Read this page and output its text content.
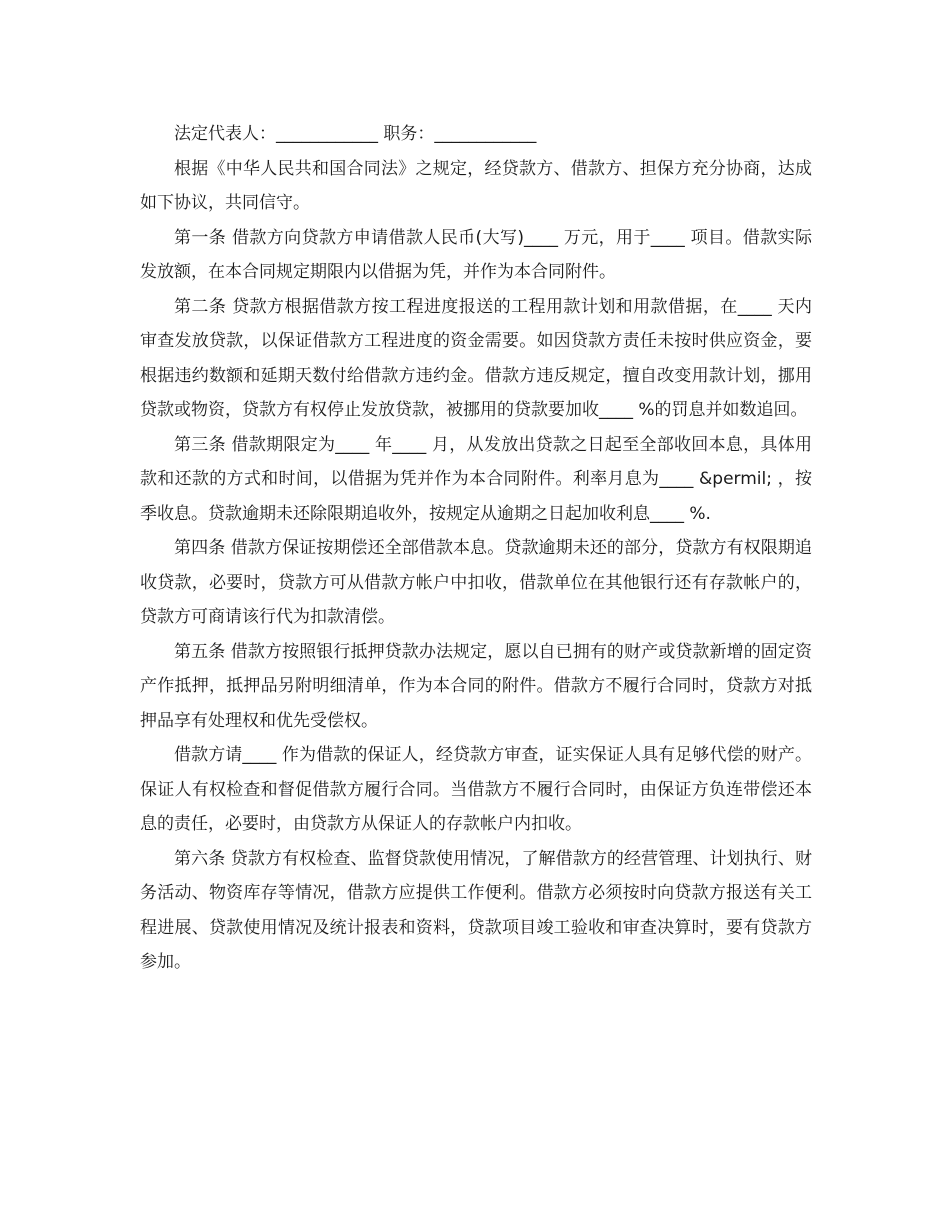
法定代表人：____________ 职务：____________

根据《中华人民共和国合同法》之规定，经贷款方、借款方、担保方充分协商，达成如下协议，共同信守。

第一条 借款方向贷款方申请借款人民币(大写)____ 万元，用于____ 项目。借款实际发放额，在本合同规定期限内以借据为凭，并作为本合同附件。

第二条 贷款方根据借款方按工程进度报送的工程用款计划和用款借据，在____ 天内审查发放贷款，以保证借款方工程进度的资金需要。如因贷款方责任未按时供应资金，要根据违约数额和延期天数付给借款方违约金。借款方违反规定，擅自改变用款计划，挪用贷款或物资，贷款方有权停止发放贷款，被挪用的贷款要加收____ %的罚息并如数追回。

第三条 借款期限定为____ 年____ 月，从发放出贷款之日起至全部收回本息，具体用款和还款的方式和时间，以借据为凭并作为本合同附件。利率月息为____ &permil; ，按季收息。贷款逾期未还除限期追收外，按规定从逾期之日起加收利息____ %.

第四条 借款方保证按期偿还全部借款本息。贷款逾期未还的部分，贷款方有权限期追收贷款，必要时，贷款方可从借款方帐户中扣收，借款单位在其他银行还有存款帐户的，贷款方可商请该行代为扣款清偿。

第五条 借款方按照银行抵押贷款办法规定，愿以自已拥有的财产或贷款新增的固定资产作抵押，抵押品另附明细清单，作为本合同的附件。借款方不履行合同时，贷款方对抵押品享有处理权和优先受偿权。

借款方请____ 作为借款的保证人，经贷款方审查，证实保证人具有足够代偿的财产。保证人有权检查和督促借款方履行合同。当借款方不履行合同时，由保证方负连带偿还本息的责任，必要时，由贷款方从保证人的存款帐户内扣收。

第六条 贷款方有权检查、监督贷款使用情况，了解借款方的经营管理、计划执行、财务活动、物资库存等情况，借款方应提供工作便利。借款方必须按时向贷款方报送有关工程进展、贷款使用情况及统计报表和资料，贷款项目竣工验收和审查决算时，要有贷款方参加。
